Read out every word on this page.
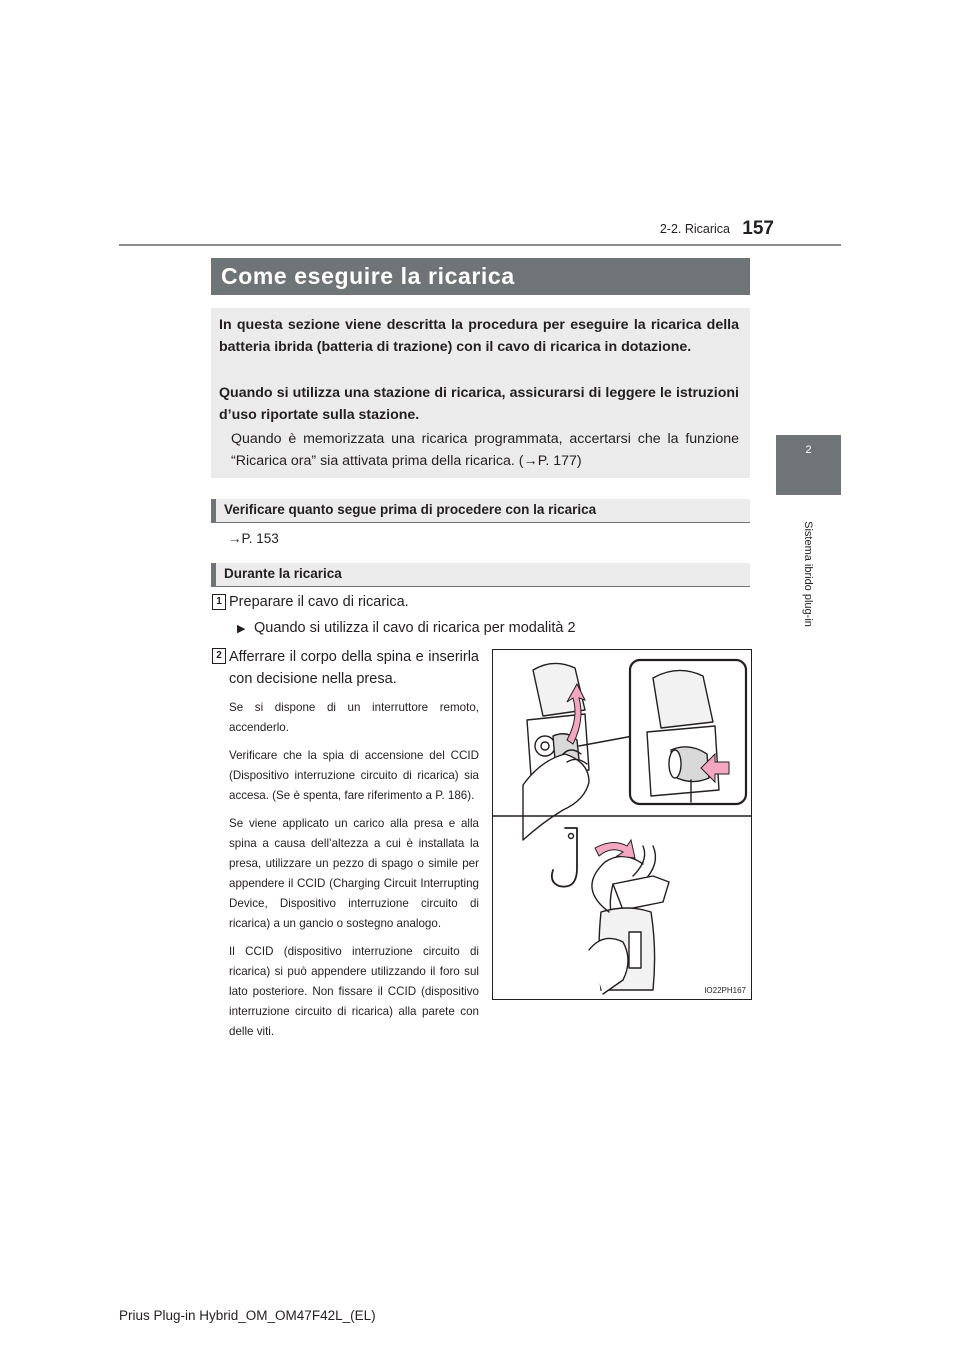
2-2. Ricarica 157
2
Sistema ibrido plug-in
Come eseguire la ricarica

In questa sezione viene descritta la procedura per eseguire la ricarica della batteria ibrida (batteria di trazione) con il cavo di ricarica in dotazione.

Quando si utilizza una stazione di ricarica, assicurarsi di leggere le istruzioni d’uso riportate sulla stazione.

Quando è memorizzata una ricarica programmata, accertarsi che la funzione “Ricarica ora” sia attivata prima della ricarica. (→P. 177)

Verificare quanto segue prima di procedere con la ricarica
→P. 153
Durante la ricarica
1 Preparare il cavo di ricarica.
▶ Quando si utilizza il cavo di ricarica per modalità 2
2 Afferrare il corpo della spina e inserirla con decisione nella presa.

Se si dispone di un interruttore remoto, accenderlo.

Verificare che la spia di accensione del CCID (Dispositivo interruzione circuito di ricarica) sia accesa. (Se è spenta, fare riferimento a P. 186).

Se viene applicato un carico alla presa e alla spina a causa dell’altezza a cui è installata la presa, utilizzare un pezzo di spago o simile per appendere il CCID (Charging Circuit Interrupting Device, Dispositivo interruzione circuito di ricarica) a un gancio o sostegno analogo.

Il CCID (dispositivo interruzione circuito di ricarica) si può appendere utilizzando il foro sul lato posteriore. Non fissare il CCID (dispositivo interruzione circuito di ricarica) alla parete con delle viti.

IO22PH167
Prius Plug-in Hybrid_OM_OM47F42L_(EL)
